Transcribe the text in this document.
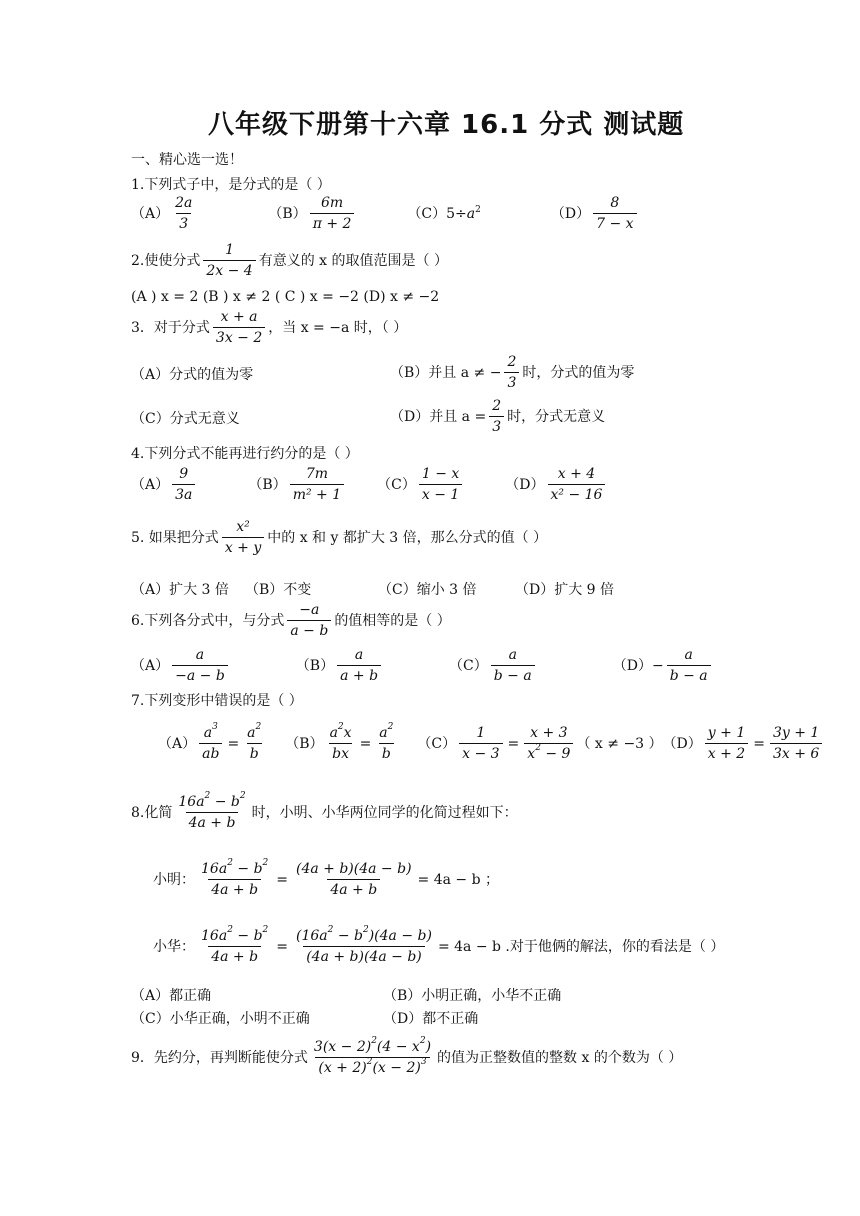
八年级下册第十六章 16.1 分式 测试题
一、精心选一选！
1.下列式子中，是分式的是（ ）
$(A) \frac{2a}{3}$	$(B) \frac{6m}{\pi + 2}$	（C）5÷ a 2	$(D) \frac{8}{7 - x}$
2.使使分式 $\frac{1}{2x - 4}$ 有意义的 x 的取值范围是（ ）
(A ) x = 2 (B ) x ≠ 2 ( C ) x = −2 (D) x ≠ −2
3．对于分式 $\frac{x + a}{3x - 2}$ ，当 x = −a 时，（ ）
（A）分式的值为零	（B）并且 a ≠ − $\frac{2}{3}$ 时，分式的值为零
（C）分式无意义	（D）并且 $a = \frac{2}{3}$ 时，分式无意义
4.下列分式不能再进行约分的是（ ）
$(A) \frac{9}{3a}$	$(B) \frac{7m}{\text{m² + 1}} (C) \frac{1 - x}{x - 1}$	$(D) \frac{x + 4}{\text{x² − 16}}$
5. 如果把分式 $\frac{\text{x²}}{x + y}$ 中的 x 和 y 都扩大 3 倍，那么分式的值（ ）
（A）扩大 3 倍 （B）不变	（C）缩小 3 倍	（D）扩大 9 倍
6.下列各分式中，与分式 $\frac{-a}{a - b}$ 的值相等的是（ ）
$(A) \frac{a}{-a - b}$	$(B) \frac{a}{a + b}$	$(C) \frac{a}{b - a}$	$(D)- \frac{a}{b - a}$
7.下列变形中错误的是（ ）
$(A) \frac{a^3}{ab} = \frac{a^2}{b} (B) \frac{a^2x}{bx} = \frac{a^2}{b} (C) \frac{1}{x - 3} = \frac{x + 3}{x^2 - 9}$ （ x ≠ −3 ） $(D) \frac{y + 1}{x + 2} = \frac{3y + 1}{3x + 6}$
8.化简 $\frac{16a^2 - b^2}{4a + b}$ 时，小明、小华两位同学的化简过程如下：
小明： $\frac{16a^2 - b^2}{4a + b} = \frac{(4a + b)(4a - b)}{4a + b} = 4a - b$ ；
小华： $\frac{16a^2 - b^2}{4a + b} = \frac{(16a^2 - b^2)(4a - b)}{(4a + b)(4a - b)} = 4a - b$ .对于他俩的解法，你的看法是（ ）
（A）都正确	（B）小明正确，小华不正确
（C）小华正确，小明不正确	（D）都不正确
9．先约分，再判断能使分式 $\frac{3(x - 2)^2(4 - x^2)}{(x + 2)^2(x - 2)^3}$ 的值为正整数值的整数 x 的个数为（ ）
